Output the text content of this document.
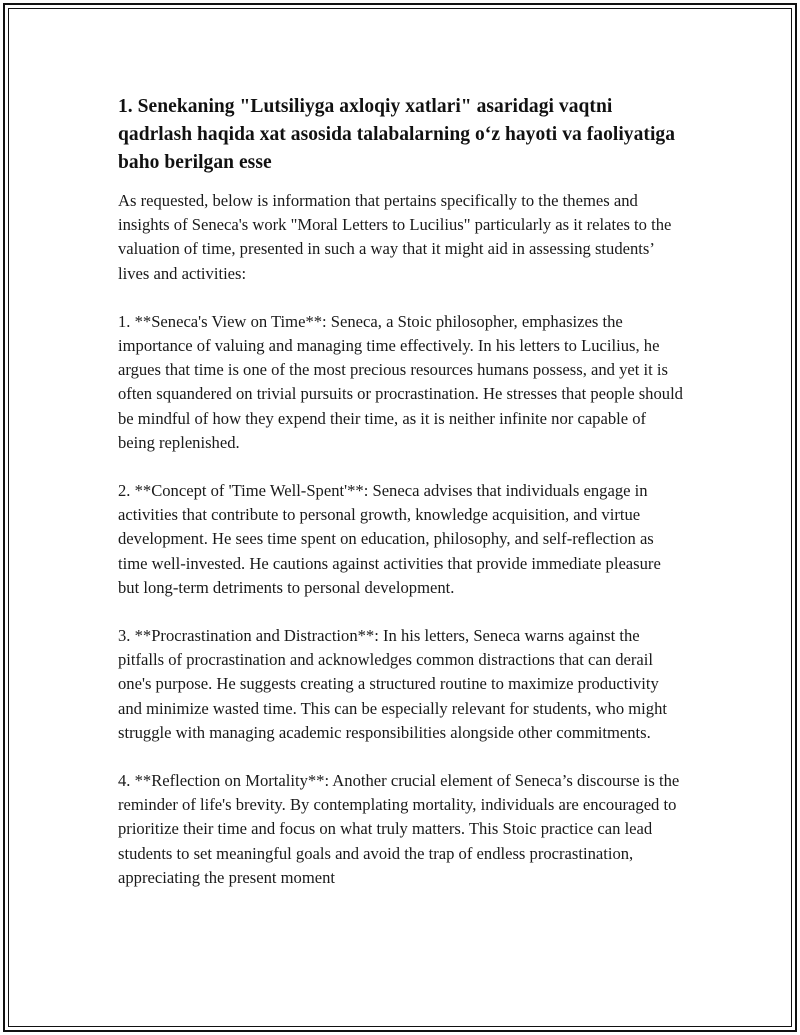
1. Senekaning "Lutsiliyga axloqiy xatlari" asaridagi vaqtni qadrlash haqida xat asosida talabalarning o‘z hayoti va faoliyatiga baho berilgan esse

As requested, below is information that pertains specifically to the themes and insights of Seneca's work "Moral Letters to Lucilius" particularly as it relates to the valuation of time, presented in such a way that it might aid in assessing students’ lives and activities:

1. **Seneca's View on Time**: Seneca, a Stoic philosopher, emphasizes the importance of valuing and managing time effectively. In his letters to Lucilius, he argues that time is one of the most precious resources humans possess, and yet it is often squandered on trivial pursuits or procrastination. He stresses that people should be mindful of how they expend their time, as it is neither infinite nor capable of being replenished.

2. **Concept of 'Time Well-Spent'**: Seneca advises that individuals engage in activities that contribute to personal growth, knowledge acquisition, and virtue development. He sees time spent on education, philosophy, and self-reflection as time well-invested. He cautions against activities that provide immediate pleasure but long-term detriments to personal development.

3. **Procrastination and Distraction**: In his letters, Seneca warns against the pitfalls of procrastination and acknowledges common distractions that can derail one's purpose. He suggests creating a structured routine to maximize productivity and minimize wasted time. This can be especially relevant for students, who might struggle with managing academic responsibilities alongside other commitments.

4. **Reflection on Mortality**: Another crucial element of Seneca’s discourse is the reminder of life's brevity. By contemplating mortality, individuals are encouraged to prioritize their time and focus on what truly matters. This Stoic practice can lead students to set meaningful goals and avoid the trap of endless procrastination, appreciating the present moment
